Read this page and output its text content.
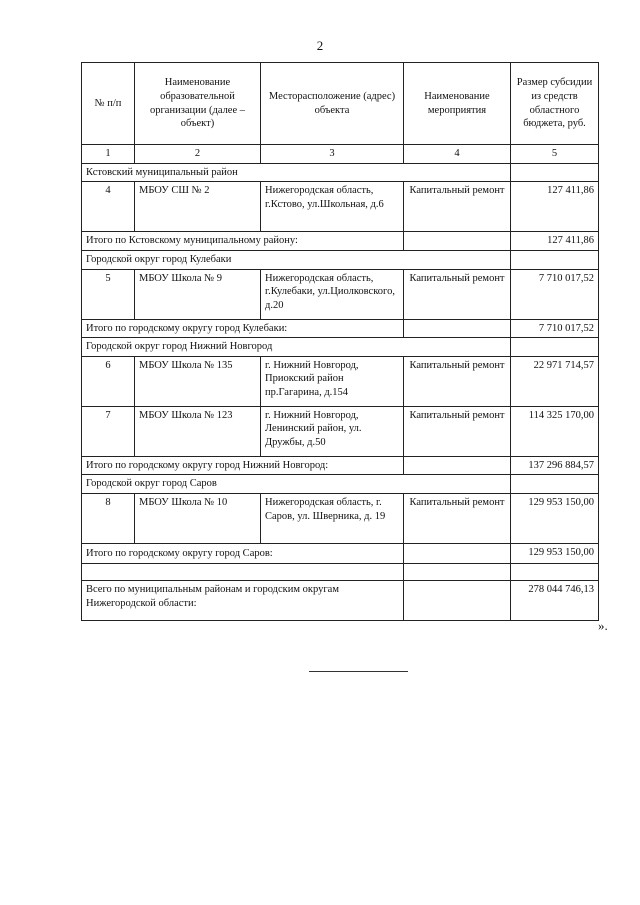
2
№ п/п	Наименование образовательной организации (далее – объект)	Месторасположение (адрес) объекта	Наименование мероприятия	Размер субсидии из средств областного бюджета, руб.
1	2	3	4	5
Кстовский муниципальный район				
4	МБОУ СШ № 2	Нижегородская область, г.Кстово, ул.Школьная, д.6	Капитальный ремонт	127 411,86
Итого по Кстовскому муниципальному району:				127 411,86
Городской округ город Кулебаки				
5	МБОУ Школа № 9	Нижегородская область, г.Кулебаки, ул.Циолковского, д.20	Капитальный ремонт	7 710 017,52
Итого по городскому округу город Кулебаки:				7 710 017,52
Городской округ город Нижний Новгород				
6	МБОУ Школа № 135	г. Нижний Новгород, Приокский район пр.Гагарина, д.154	Капитальный ремонт	22 971 714,57
7	МБОУ Школа № 123	г. Нижний Новгород, Ленинский район, ул. Дружбы, д.50	Капитальный ремонт	114 325 170,00
Итого по городскому округу город Нижний Новгород:				137 296 884,57
Городской округ город Саров				
8	МБОУ Школа № 10	Нижегородская область, г. Саров, ул. Шверника, д. 19	Капитальный ремонт	129 953 150,00
Итого по городскому округу город Саров:				129 953 150,00

Всего по муниципальным районам и городским округам Нижегородской области:				278 044 746,13
».
